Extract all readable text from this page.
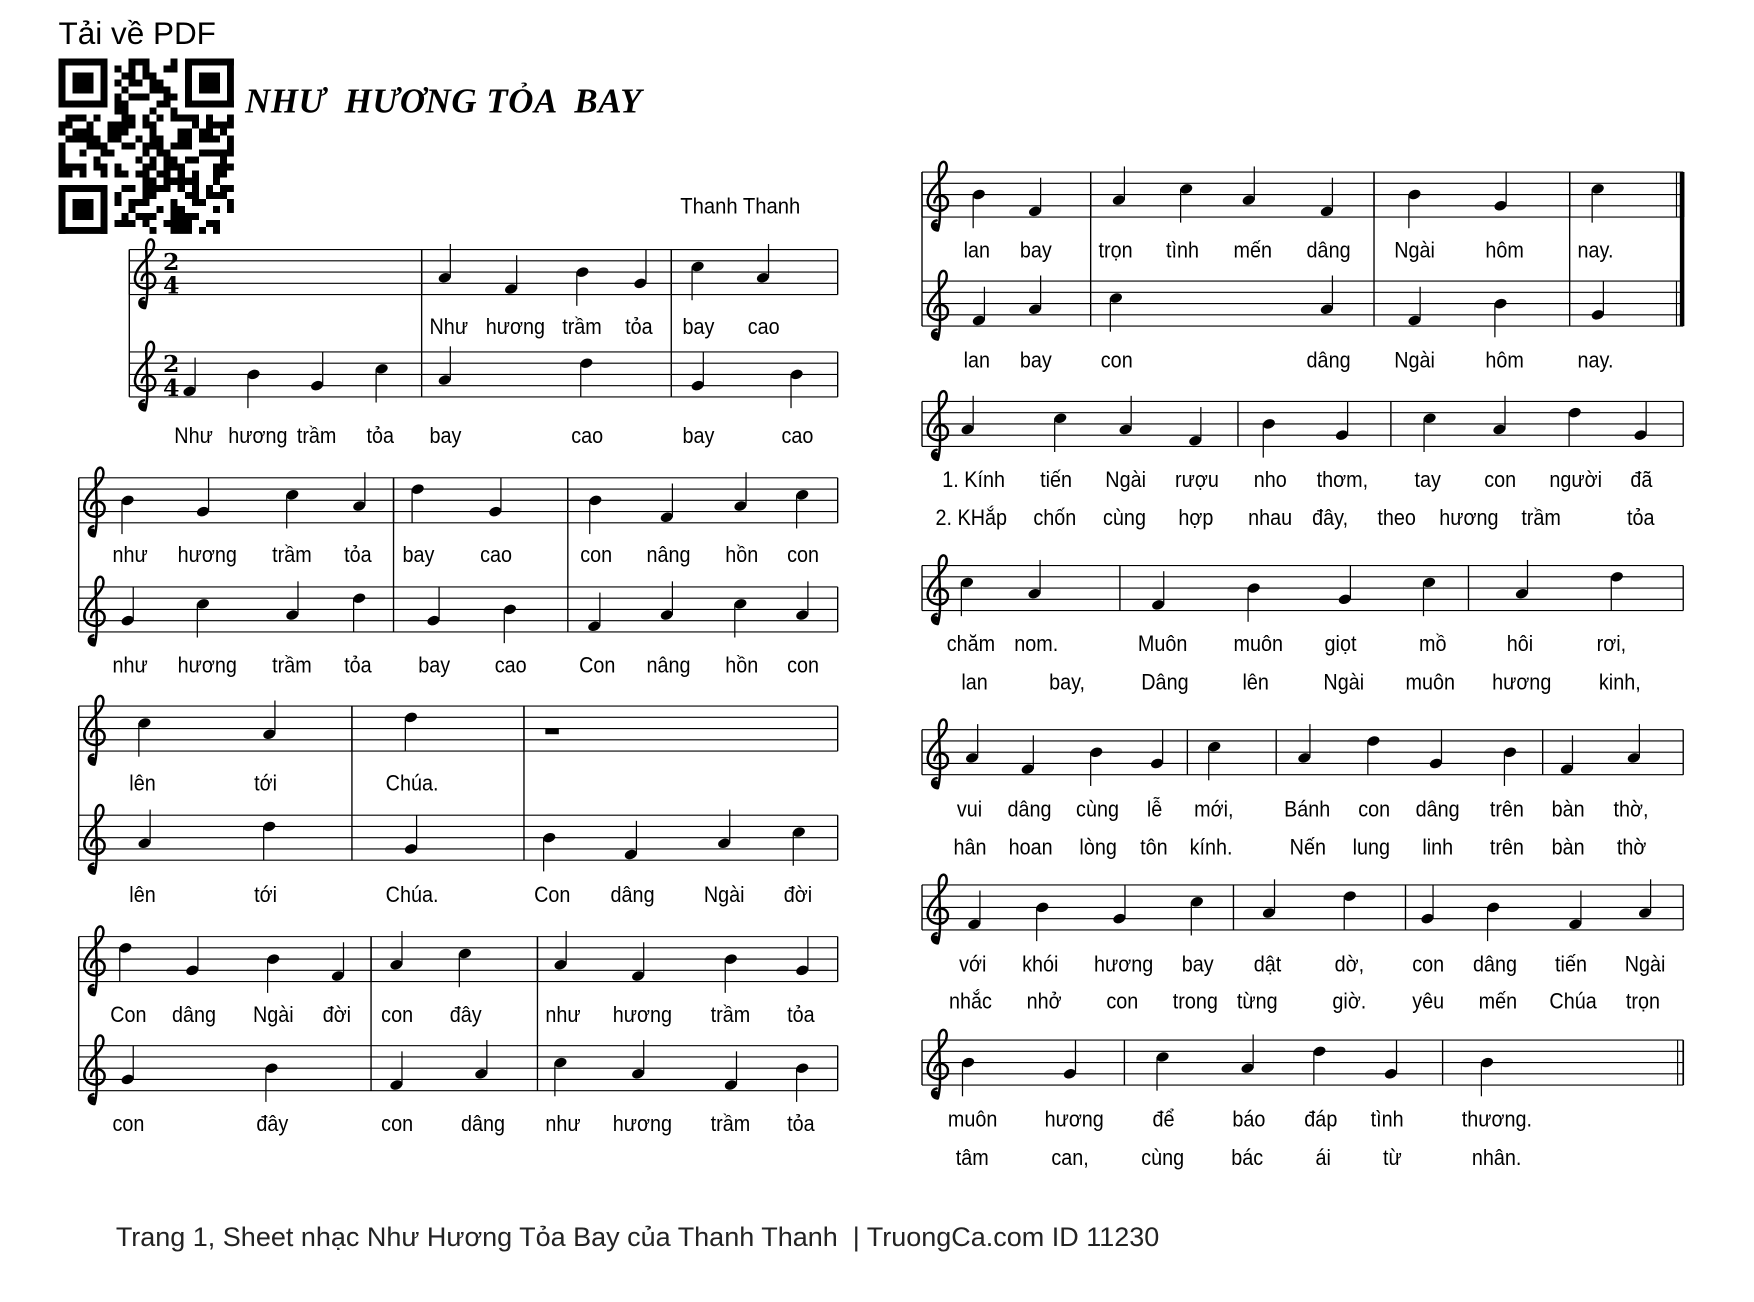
NHƯ  HƯƠNG TỎA  BAY
Thanh Thanh
Tải về PDF
2
4
2
4
Như hương trầm tỏa bay cao
Như hương trầm tỏa bay	cao	bay	cao
như hương trầm tỏa bay cao	con nâng hồn con
như hương trầm tỏa bay cao	Con nâng hồn con
lên	tới	Chúa.
lên	tới	Chúa.	Con dâng Ngài đời
Con dâng Ngài đời con đây	như hương trầm tỏa
con	đây	con dâng như hương trầm tỏa
lan bay trọn tình mến dâng Ngài	hôm	nay.
lan bay con	dâng Ngài	hôm	nay.
1. Kính tiến Ngài rượu nho thơm, tay con người đã
2. KHắp chốn cùng hợp nhau đây, theo hương trầm	tỏa
chăm nom.	Muôn muôn giọt	mồ	hôi	rơi,
lan	bay,	Dâng	lên	Ngài muôn hương kinh,
vui dâng cùng lễ mới,	Bánh con dâng trên bàn thờ,
hân hoan lòng tôn kính.	Nến lung linh trên bàn thờ
với khói hương bay dật	dờ, con dâng tiến Ngài
nhắc nhở con trong từng	giờ. yêu mến Chúa trọn
muôn hương để	báo đáp tình	thương.
tâm	can,	cùng bác	ái	từ	nhân.
Trang 1, Sheet nhạc Như Hương Tỏa Bay của Thanh Thanh  | TruongCa.com ID 11230
